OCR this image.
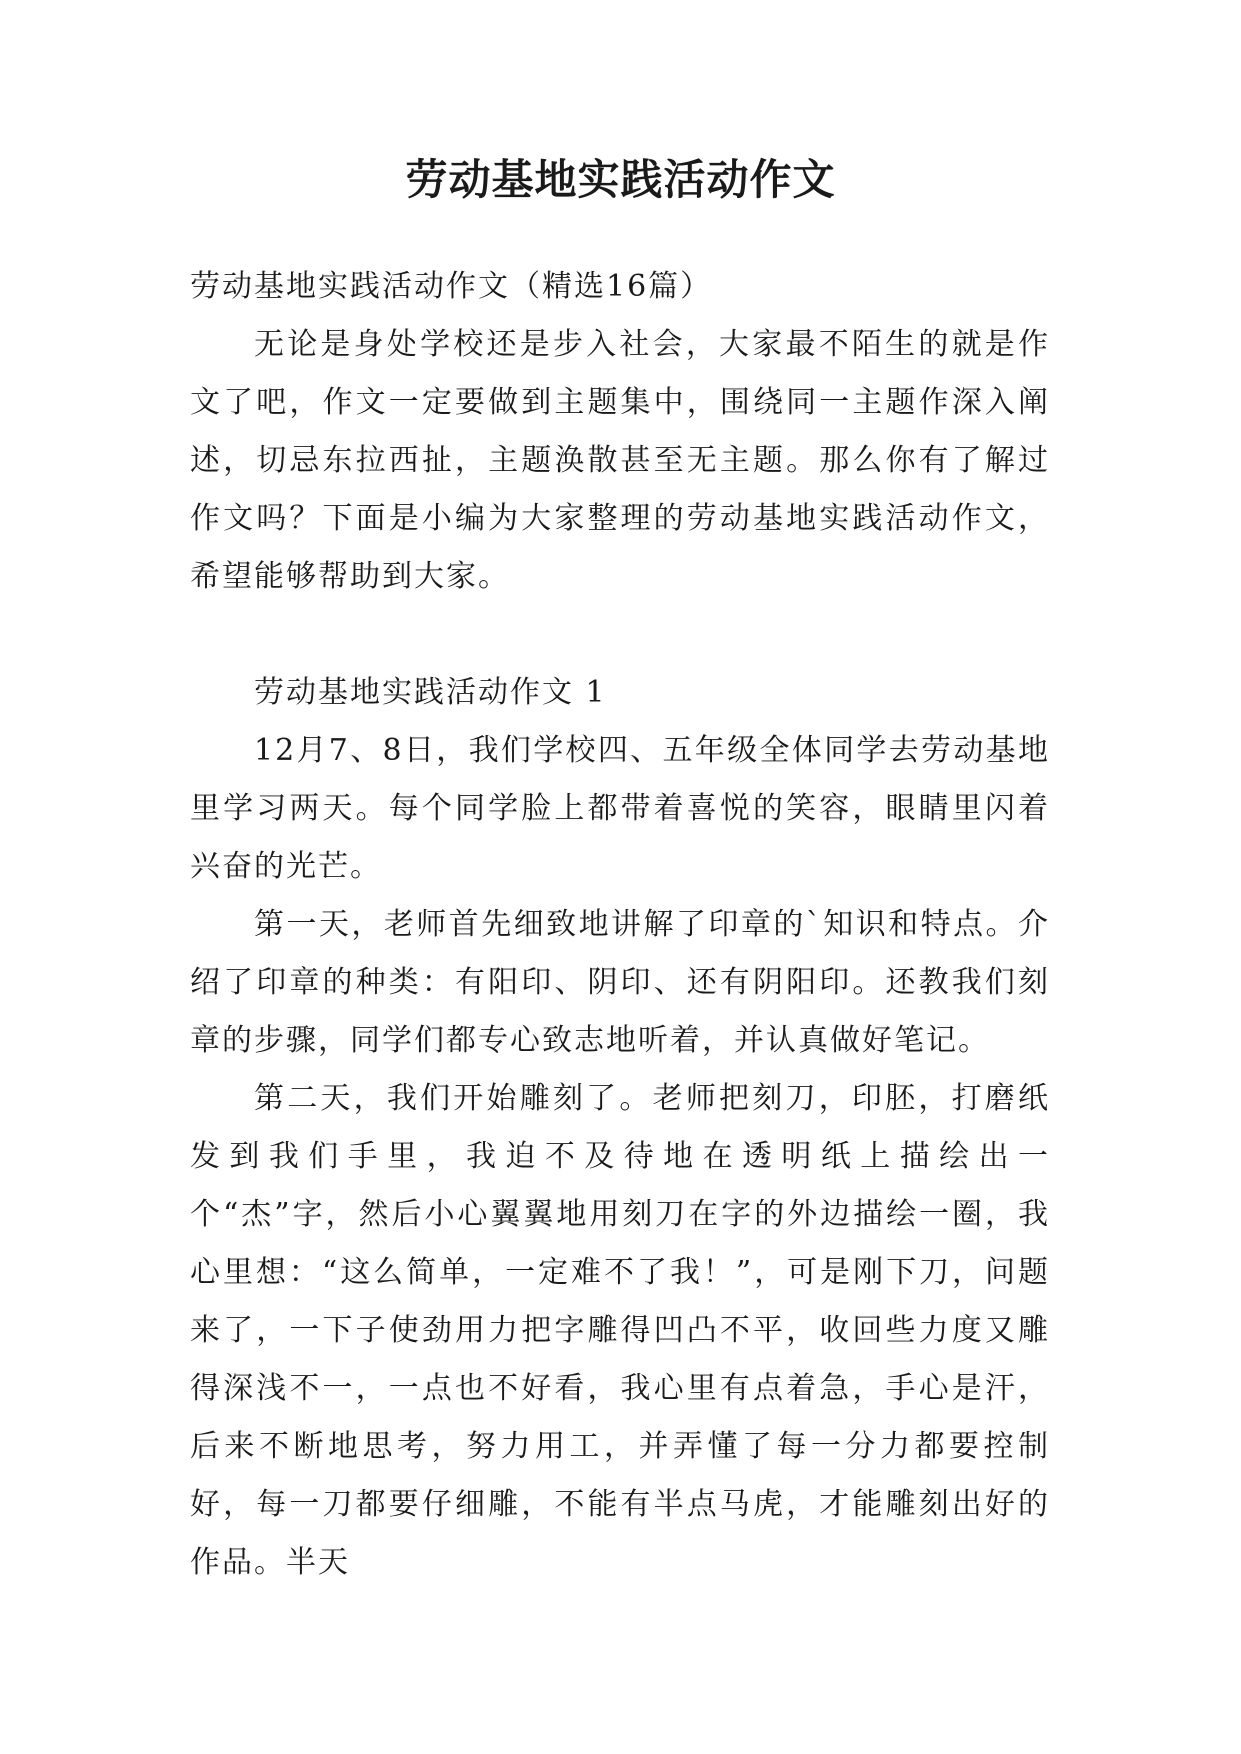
劳动基地实践活动作文

劳动基地实践活动作文（精选16篇）

无论是身处学校还是步入社会，大家最不陌生的就是作文了吧，作文一定要做到主题集中，围绕同一主题作深入阐述，切忌东拉西扯，主题涣散甚至无主题。那么你有了解过作文吗？下面是小编为大家整理的劳动基地实践活动作文，希望能够帮助到大家。

劳动基地实践活动作文 1

12月7、8日，我们学校四、五年级全体同学去劳动基地里学习两天。每个同学脸上都带着喜悦的笑容，眼睛里闪着兴奋的光芒。

第一天，老师首先细致地讲解了印章的`知识和特点。介绍了印章的种类：有阳印、阴印、还有阴阳印。还教我们刻章的步骤，同学们都专心致志地听着，并认真做好笔记。

第二天，我们开始雕刻了。老师把刻刀，印胚，打磨纸发到我们手里，我迫不及待地在透明纸上描绘出一个“杰”字，然后小心翼翼地用刻刀在字的外边描绘一圈，我心里想：“这么简单，一定难不了我！”，可是刚下刀，问题来了，一下子使劲用力把字雕得凹凸不平，收回些力度又雕得深浅不一，一点也不好看，我心里有点着急，手心是汗，后来不断地思考，努力用工，并弄懂了每一分力都要控制好，每一刀都要仔细雕，不能有半点马虎，才能雕刻出好的作品。半天
